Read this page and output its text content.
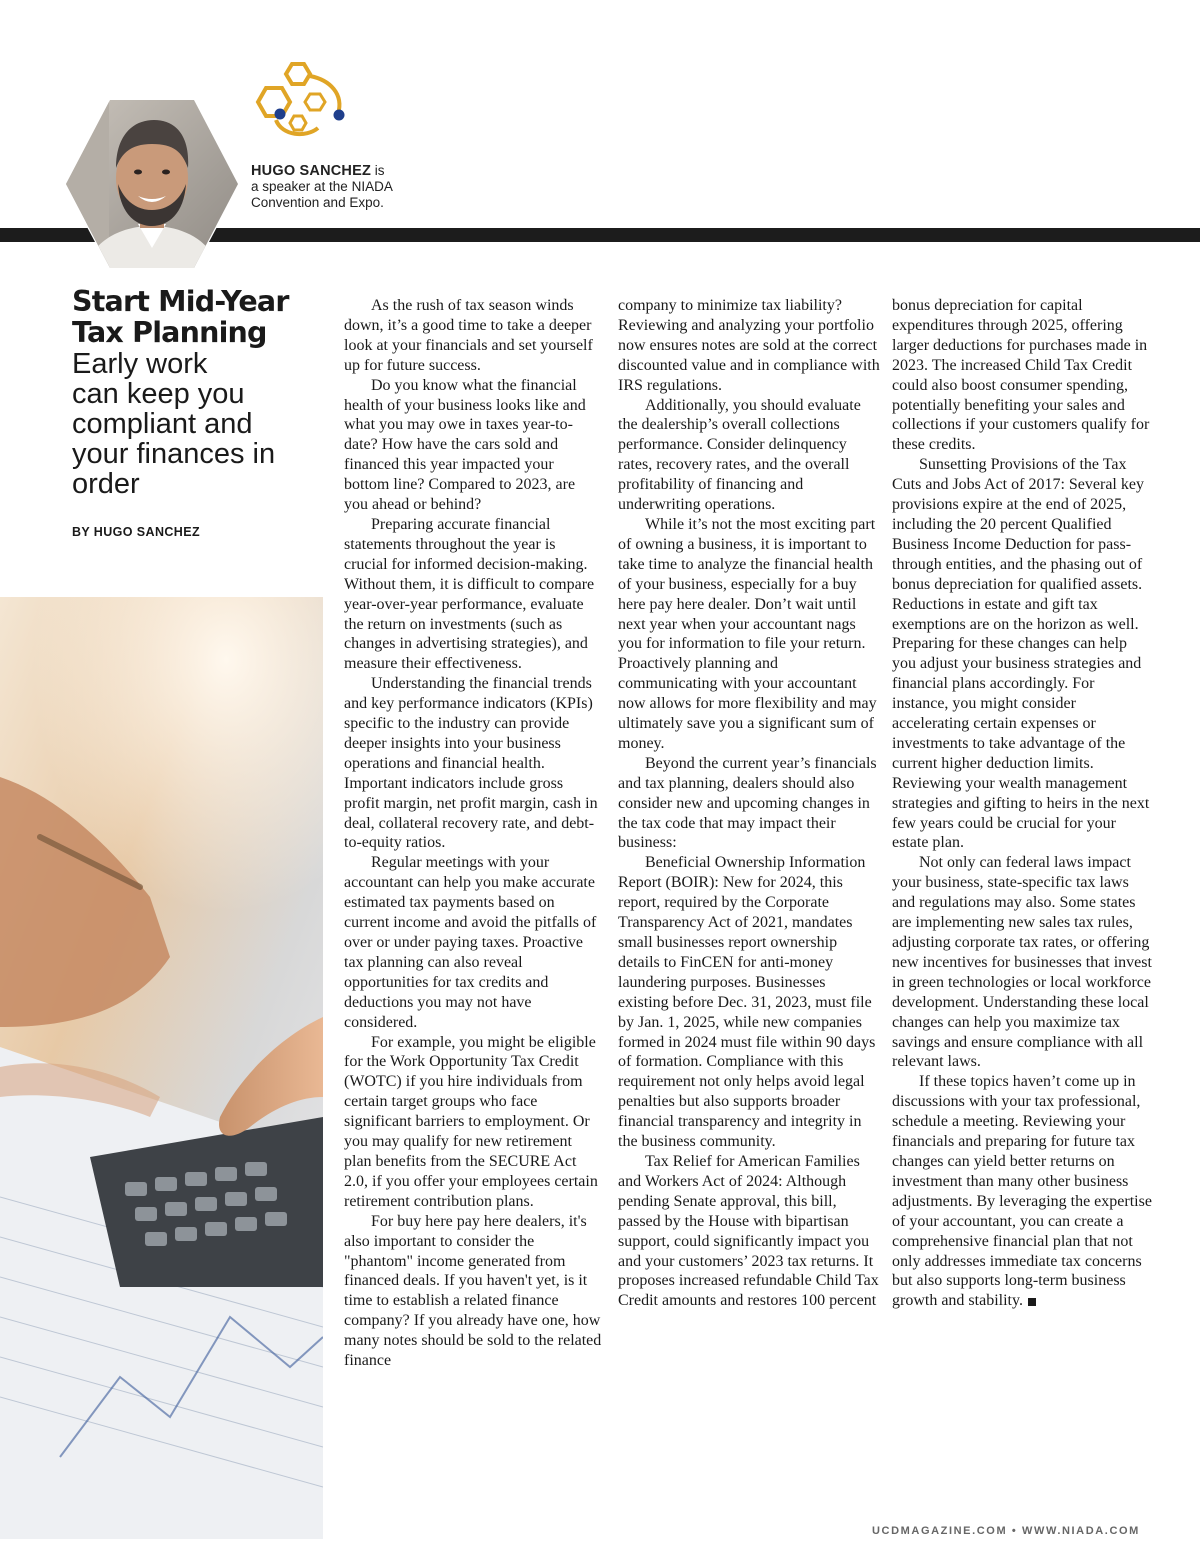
HUGO SANCHEZ is
a speaker at the NIADA
Convention and Expo.
Start Mid-Year
Tax Planning
Early work
can keep you
compliant and
your finances in
order
BY HUGO SANCHEZ

As the rush of tax season winds down, it’s a good time to take a deeper look at your financials and set yourself up for future success.

Do you know what the financial health of your business looks like and what you may owe in taxes year-to-date? How have the cars sold and financed this year impacted your bottom line? Compared to 2023, are you ahead or behind?

Preparing accurate financial statements throughout the year is crucial for informed decision-making. Without them, it is difficult to compare year-over-year performance, evaluate the return on investments (such as changes in advertising strategies), and measure their effectiveness.

Understanding the financial trends and key performance indicators (KPIs) specific to the industry can provide deeper insights into your business operations and financial health. Important indicators include gross profit margin, net profit margin, cash in deal, collateral recovery rate, and debt-to-equity ratios.

Regular meetings with your accountant can help you make accurate estimated tax payments based on current income and avoid the pitfalls of over or under paying taxes. Proactive tax planning can also reveal opportunities for tax credits and deductions you may not have considered.

For example, you might be eligible for the Work Opportunity Tax Credit (WOTC) if you hire individuals from certain target groups who face significant barriers to employment. Or you may qualify for new retirement plan benefits from the SECURE Act 2.0, if you offer your employees certain retirement contribution plans.

For buy here pay here dealers, it's also important to consider the "phantom" income generated from financed deals. If you haven't yet, is it time to establish a related finance company? If you already have one, how many notes should be sold to the related finance

company to minimize tax liability? Reviewing and analyzing your portfolio now ensures notes are sold at the correct discounted value and in compliance with IRS regulations.

Additionally, you should evaluate the dealership’s overall collections performance. Consider delinquency rates, recovery rates, and the overall profitability of financing and underwriting operations.

While it’s not the most exciting part of owning a business, it is important to take time to analyze the financial health of your business, especially for a buy here pay here dealer. Don’t wait until next year when your accountant nags you for information to file your return. Proactively planning and communicating with your accountant now allows for more flexibility and may ultimately save you a significant sum of money.

Beyond the current year’s financials and tax planning, dealers should also consider new and upcoming changes in the tax code that may impact their business:

Beneficial Ownership Information Report (BOIR): New for 2024, this report, required by the Corporate Transparency Act of 2021, mandates small businesses report ownership details to FinCEN for anti-money laundering purposes. Businesses existing before Dec. 31, 2023, must file by Jan. 1, 2025, while new companies formed in 2024 must file within 90 days of formation. Compliance with this requirement not only helps avoid legal penalties but also supports broader financial transparency and integrity in the business community.

Tax Relief for American Families and Workers Act of 2024: Although pending Senate approval, this bill, passed by the House with bipartisan support, could significantly impact you and your customers’ 2023 tax returns. It proposes increased refundable Child Tax Credit amounts and restores 100 percent

bonus depreciation for capital expenditures through 2025, offering larger deductions for purchases made in 2023. The increased Child Tax Credit could also boost consumer spending, potentially benefiting your sales and collections if your customers qualify for these credits.

Sunsetting Provisions of the Tax Cuts and Jobs Act of 2017: Several key provisions expire at the end of 2025, including the 20 percent Qualified Business Income Deduction for pass-through entities, and the phasing out of bonus depreciation for qualified assets. Reductions in estate and gift tax exemptions are on the horizon as well. Preparing for these changes can help you adjust your business strategies and financial plans accordingly. For instance, you might consider accelerating certain expenses or investments to take advantage of the current higher deduction limits. Reviewing your wealth management strategies and gifting to heirs in the next few years could be crucial for your estate plan.

Not only can federal laws impact your business, state-specific tax laws and regulations may also. Some states are implementing new sales tax rules, adjusting corporate tax rates, or offering new incentives for businesses that invest in green technologies or local workforce development. Understanding these local changes can help you maximize tax savings and ensure compliance with all relevant laws.

If these topics haven’t come up in discussions with your tax professional, schedule a meeting. Reviewing your financials and preparing for future tax changes can yield better returns on investment than many other business adjustments. By leveraging the expertise of your accountant, you can create a comprehensive financial plan that not only addresses immediate tax concerns but also supports long-term business growth and stability.

UCDMAGAZINE.COM • WWW.NIADA.COM
